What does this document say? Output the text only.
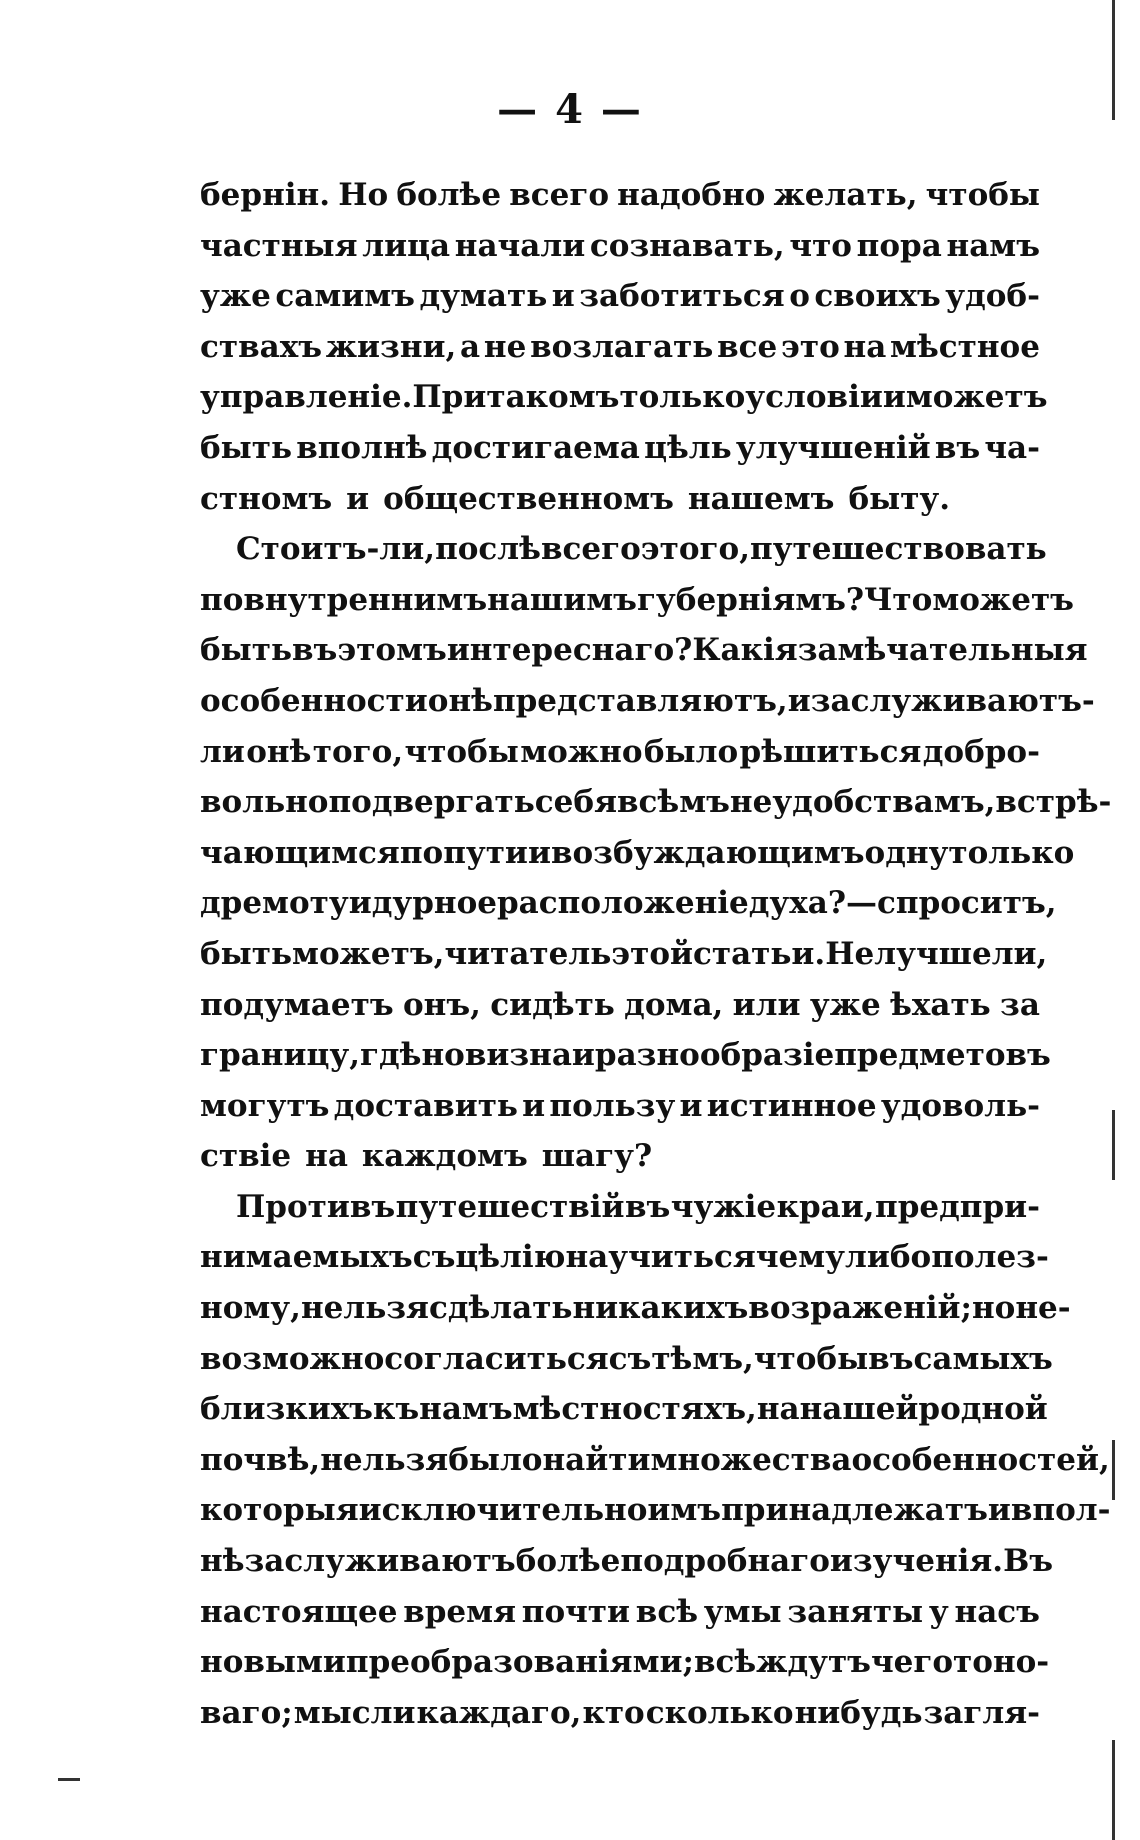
— 4 —
бернін. Но болѣе всего надобно желать, чтобы
частныя лица начали сознавать, что пора намъ
уже самимъ думать и заботиться о своихъ удоб-
ствахъ жизни, а не возлагать все это на мѣстное
управленіе. При такомъ только условіи и можетъ
быть вполнѣ достигаема цѣль улучшеній въ ча-
стномъ и общественномъ нашемъ быту.
Стоитъ-ли, послѣ всего этого, путешествовать
по внутреннимъ нашимъ губерніямъ? Что можетъ
быть въ этомъ интереснаго? Какія замѣчательныя
особенности онѣ представляютъ, и заслуживаютъ-
ли онѣ того, чтобы можно было рѣшиться добро-
вольно подвергать себя всѣмъ неудобствамъ, встрѣ-
чающимся по пути и возбуждающимъ одну только
дремоту и дурное расположеніе духа?— спроситъ,
быть можетъ, читатель этой статьи. Не лучше ли,
подумаетъ онъ, сидѣть дома, или уже ѣхать за
границу, гдѣ новизна и разнообразіе предметовъ
могутъ доставить и пользу и истинное удоволь-
ствіе на каждомъ шагу?
Противъ путешествій въ чужіе краи, предпри-
нимаемыхъ съ цѣлію научиться чему либо полез-
ному, нельзя сдѣлать никакихъ возраженій; но не-
возможно согласиться съ тѣмъ, чтобы въ самыхъ
близкихъ къ намъ мѣстностяхъ, на нашей родной
почвѣ, нельзя было найти множества особенностей,
которыя исключительно имъ принадлежатъ и впол-
нѣ заслуживаютъ болѣе подробнаго изученія. Въ
настоящее время почти всѣ умы заняты у насъ
новыми преобразованіями; всѣ ждутъ чего то но-
ваго; мысли каждаго, кто сколько нибудь загля-
